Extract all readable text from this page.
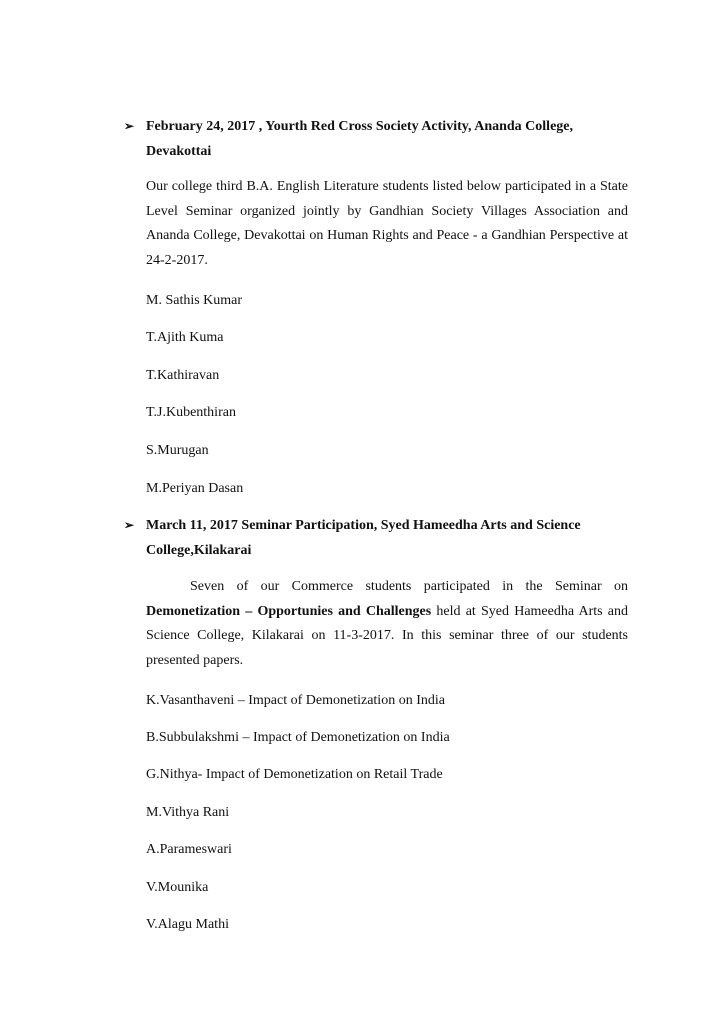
➢ February 24, 2017 , Yourth Red Cross Society Activity, Ananda College,
Devakottai
Our college third B.A. English Literature students listed below participated in a State Level Seminar organized jointly by Gandhian Society Villages Association and Ananda College, Devakottai on Human Rights and Peace - a Gandhian Perspective at 24-2-2017.
M. Sathis Kumar
T.Ajith Kuma
T.Kathiravan
T.J.Kubenthiran
S.Murugan
M.Periyan Dasan
➢ March 11, 2017 Seminar Participation, Syed Hameedha Arts and Science
College,Kilakarai
Seven of our Commerce students participated in the Seminar on Demonetization – Opportunies and Challenges held at Syed Hameedha Arts and Science College, Kilakarai on 11-3-2017. In this seminar three of our students presented papers.
K.Vasanthaveni – Impact of Demonetization on India
B.Subbulakshmi – Impact of Demonetization on India
G.Nithya- Impact of Demonetization on Retail Trade
M.Vithya Rani
A.Parameswari
V.Mounika
V.Alagu Mathi
